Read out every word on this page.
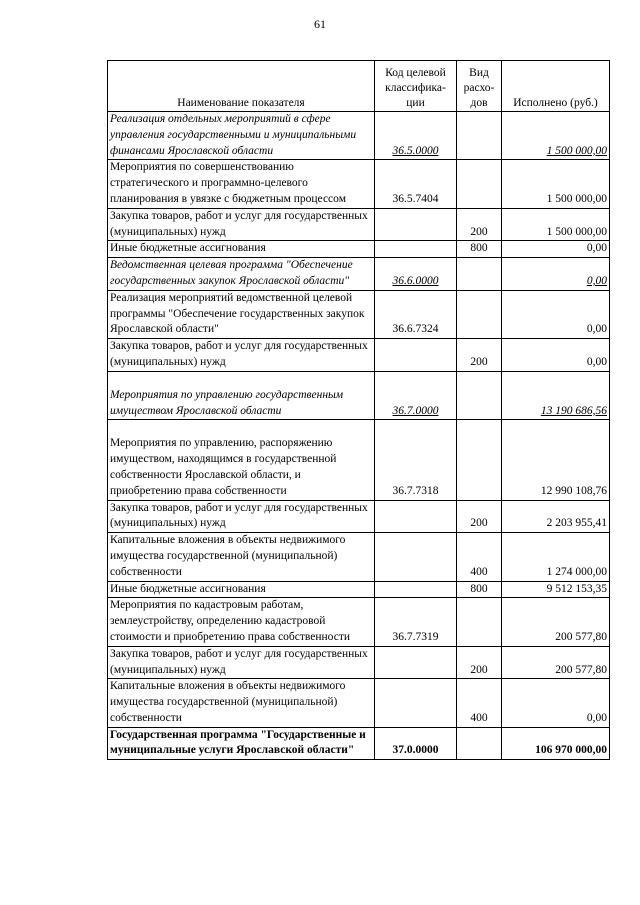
61
Наименование показателя	Код целевой классифика-ции	Вид расхо-дов	Исполнено (руб.)
Реализация отдельных мероприятий в сфере управления государственными и муниципальными финансами Ярославской области	36.5.0000		1 500 000,00
Мероприятия по совершенствованию стратегического и программно-целевого планирования в увязке с бюджетным процессом	36.5.7404		1 500 000,00
Закупка товаров, работ и услуг для государственных (муниципальных) нужд		200	1 500 000,00
Иные бюджетные ассигнования		800	0,00
Ведомственная целевая программа "Обеспечение государственных закупок Ярославской области"	36.6.0000		0,00
Реализация мероприятий ведомственной целевой программы "Обеспечение государственных закупок Ярославской области"	36.6.7324		0,00
Закупка товаров, работ и услуг для государственных (муниципальных) нужд		200	0,00
Мероприятия по управлению государственным имуществом Ярославской области	36.7.0000		13 190 686,56
Мероприятия по управлению, распоряжению имуществом, находящимся в государственной собственности Ярославской области, и приобретению права собственности	36.7.7318		12 990 108,76
Закупка товаров, работ и услуг для государственных (муниципальных) нужд		200	2 203 955,41
Капитальные вложения в объекты недвижимого имущества государственной (муниципальной) собственности		400	1 274 000,00
Иные бюджетные ассигнования		800	9 512 153,35
Мероприятия по кадастровым работам, землеустройству, определению кадастровой стоимости и приобретению права собственности	36.7.7319		200 577,80
Закупка товаров, работ и услуг для государственных (муниципальных) нужд		200	200 577,80
Капитальные вложения в объекты недвижимого имущества государственной (муниципальной) собственности		400	0,00
Государственная программа "Государственные и муниципальные услуги Ярославской области"	37.0.0000		106 970 000,00
